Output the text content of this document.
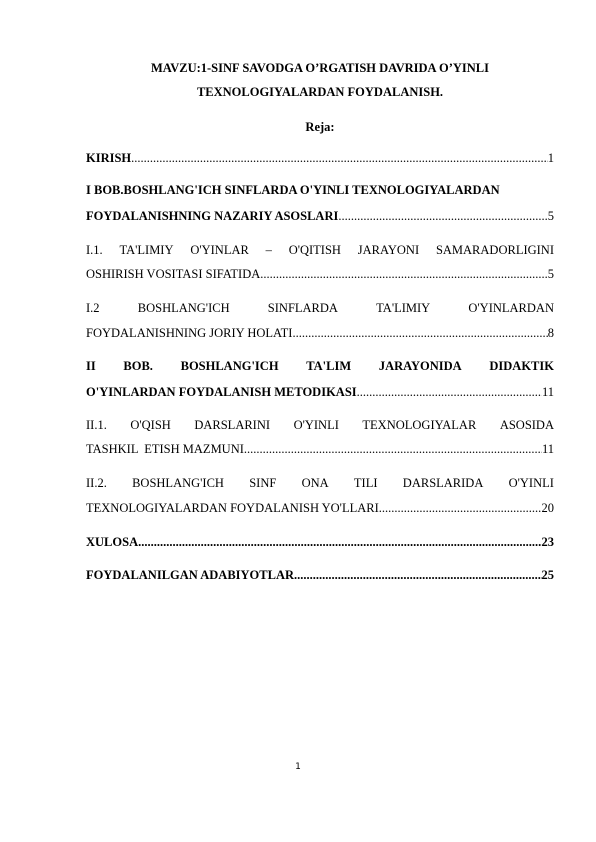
MAVZU:1-SINF SAVODGA O’RGATISH DAVRIDA O’YINLI
TEXNOLOGIYALARDAN FOYDALANISH.
Reja:
KIRISH .....	1
I BOB.BOSHLANG'ICH SINFLARDA O'YINLI TEXNOLOGIYALARDAN
FOYDALANISHNING NAZARIY ASOSLARI .....	5
I.1. TA'LIMIY O'YINLAR – O'QITISH JARAYONI SAMARADORLIGINI
OSHIRISH VOSITASI SIFATIDA .....	5
I.2	BOSHLANG'ICH	SINFLARDA	TA'LIMIY	O'YINLARDAN
FOYDALANISHNING JORIY HOLATI .....	8
II BOB. BOSHLANG'ICH TA'LIM JARAYONIDA DIDAKTIK
O'YINLARDAN FOYDALANISH METODIKASI .....	11
II.1. O'QISH DARSLARINI O'YINLI TEXNOLOGIYALAR ASOSIDA
TASHKIL  ETISH MAZMUNI .....	11
II.2. BOSHLANG'ICH SINF ONA TILI DARSLARIDA O'YINLI
TEXNOLOGIYALARDAN FOYDALANISH YO'LLARI .....	20
XULOSA .....	23
FOYDALANILGAN ADABIYOTLAR .....	25
1
